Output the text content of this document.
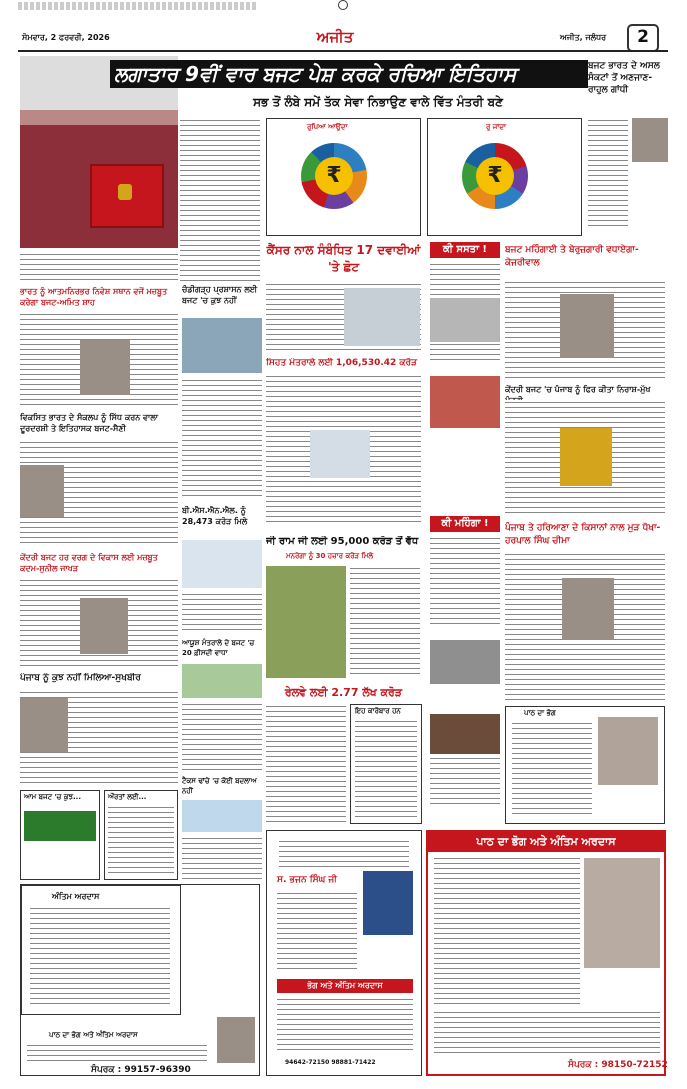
ਸੋਮਵਾਰ, 2 ਫਰਵਰੀ, 2026	ਅਜੀਤ	ਅਜੀਤ, ਜਲੰਧਰ	2
ਲਗਾਤਾਰ 9ਵੀਂ ਵਾਰ ਬਜਟ ਪੇਸ਼ ਕਰਕੇ ਰਚਿਆ ਇਤਿਹਾਸ
ਸਭ ਤੋਂ ਲੰਬੇ ਸਮੇਂ ਤੱਕ ਸੇਵਾ ਨਿਭਾਉਣ ਵਾਲੇ ਵਿੱਤ ਮੰਤਰੀ ਬਣੇ
ਰੁਪਿਆ ਆਉਂਦਾ
₹
ਰੁ ਜਾਂਦਾ
₹
ਬਜਟ ਭਾਰਤ ਦੇ ਅਸਲ ਸੰਕਟਾਂ ਤੋਂ ਅਣਜਾਣ-ਰਾਹੁਲ ਗਾਂਧੀ
ਭਾਰਤ ਨੂੰ ਆਤਮਨਿਰਭਰ ਨਿਵੇਸ਼ ਸਥਾਨ ਵਜੋਂ ਮਜ਼ਬੂਤ ਕਰੇਗਾ ਬਜਟ-ਅਮਿਤ ਸ਼ਾਹ
ਵਿਕਸਿਤ ਭਾਰਤ ਦੇ ਸੰਕਲਪ ਨੂੰ ਸਿੱਧ ਕਰਨ ਵਾਲਾ ਦੂਰਦਰਸ਼ੀ ਤੇ ਇਤਿਹਾਸਕ ਬਜਟ-ਸੈਣੀ
ਕੇਂਦਰੀ ਬਜਟ ਹਰ ਵਰਗ ਦੇ ਵਿਕਾਸ ਲਈ ਮਜ਼ਬੂਤ ਕਦਮ-ਸੁਨੀਲ ਜਾਖੜ
ਪੰਜਾਬ ਨੂੰ ਕੁਝ ਨਹੀਂ ਮਿਲਿਆ-ਸੁਖਬੀਰ
ਆਮ ਬਜਟ 'ਚ ਕੁਝ...	ਔਰਤਾਂ ਲਈ...
ਚੰਡੀਗੜ੍ਹ ਪ੍ਰਸ਼ਾਸਨ ਲਈ ਬਜਟ 'ਚ ਕੁਝ ਨਹੀਂ
ਬੀ.ਐਸ.ਐਨ.ਐਲ. ਨੂੰ 28,473 ਕਰੋੜ ਮਿਲੇ
ਆਯੂਸ਼ ਮੰਤਰਾਲੇ ਦੇ ਬਜਟ 'ਚ 20 ਫ਼ੀਸਦੀ ਵਾਧਾ
ਟੈਕਸ ਢਾਂਚੇ 'ਚ ਕੋਈ ਬਦਲਾਅ ਨਹੀਂ
ਕੈਂਸਰ ਨਾਲ ਸੰਬੰਧਿਤ 17 ਦਵਾਈਆਂ 'ਤੇ ਛੋਟ
ਸਿਹਤ ਮੰਤਰਾਲੇ ਲਈ 1,06,530.42 ਕਰੋੜ
ਜੀ ਰਾਮ ਜੀ ਲਈ 95,000 ਕਰੋੜ ਤੋਂ ਵੱਧ
ਮਨਰੇਗਾ ਨੂੰ 30 ਹਜ਼ਾਰ ਕਰੋੜ ਮਿਲੇ
ਰੇਲਵੇ ਲਈ 2.77 ਲੱਖ ਕਰੋੜ
ਇਹ ਕਾਰੋਬਾਰ ਹਨ
ਕੀ ਸਸਤਾ !
ਕੀ ਮਹਿੰਗਾ !
ਬਜਟ ਮਹਿੰਗਾਈ ਤੇ ਬੇਰੁਜ਼ਗਾਰੀ ਵਧਾਏਗਾ-ਕੇਜਰੀਵਾਲ
ਕੇਂਦਰੀ ਬਜਟ 'ਚ ਪੰਜਾਬ ਨੂੰ ਫਿਰ ਕੀਤਾ ਨਿਰਾਸ਼-ਮੁੱਖ
ਪੰਜਾਬ ਤੇ ਹਰਿਆਣਾ ਦੇ ਕਿਸਾਨਾਂ ਨਾਲ ਮੁੜ ਧੋਖਾ-ਹਰਪਾਲ ਸਿੰਘ ਚੀਮਾ
ਪਾਠ ਦਾ ਭੋਗ
ਅੰਤਿਮ ਅਰਦਾਸ
ਪਾਠ ਦਾ ਭੋਗ ਅਤੇ ਅੰਤਿਮ ਅਰਦਾਸ
ਸੰਪਰਕ : 99157-96390
ਸ. ਭਜਨ ਸਿੰਘ ਜੀ
ਭੋਗ ਅਤੇ ਅੰਤਿਮ ਅਰਦਾਸ
94642-72150 98881-71422
ਪਾਠ ਦਾ ਭੋਗ ਅਤੇ ਅੰਤਿਮ ਅਰਦਾਸ
ਸੰਪਰਕ : 98150-72152
